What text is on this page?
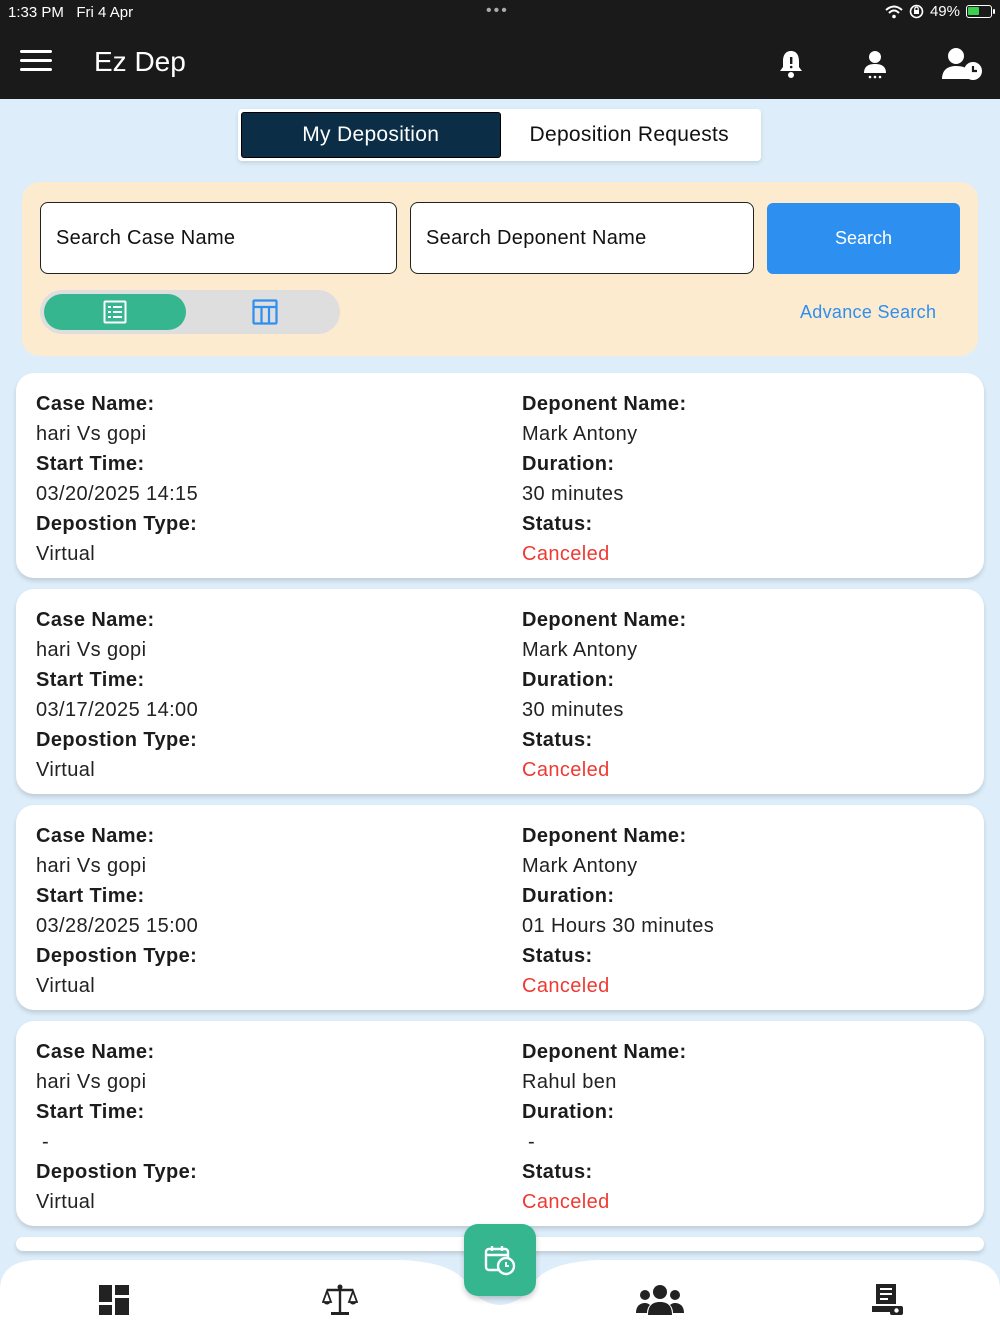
1:33 PM Fri 4 Apr	•••	49%
Ez Dep
My Deposition	Deposition Requests
Search Case Name
Search Deponent Name
Search
Advance Search
Case Name:
hari Vs gopi
Start Time:
03/20/2025 14:15
Depostion Type:
Virtual
Deponent Name:
Mark Antony
Duration:
30 minutes
Status:
Canceled
Case Name:
hari Vs gopi
Start Time:
03/17/2025 14:00
Depostion Type:
Virtual
Deponent Name:
Mark Antony
Duration:
30 minutes
Status:
Canceled
Case Name:
hari Vs gopi
Start Time:
03/28/2025 15:00
Depostion Type:
Virtual
Deponent Name:
Mark Antony
Duration:
01 Hours 30 minutes
Status:
Canceled
Case Name:
hari Vs gopi
Start Time:
-
Depostion Type:
Virtual
Deponent Name:
Rahul ben
Duration:
-
Status:
Canceled
